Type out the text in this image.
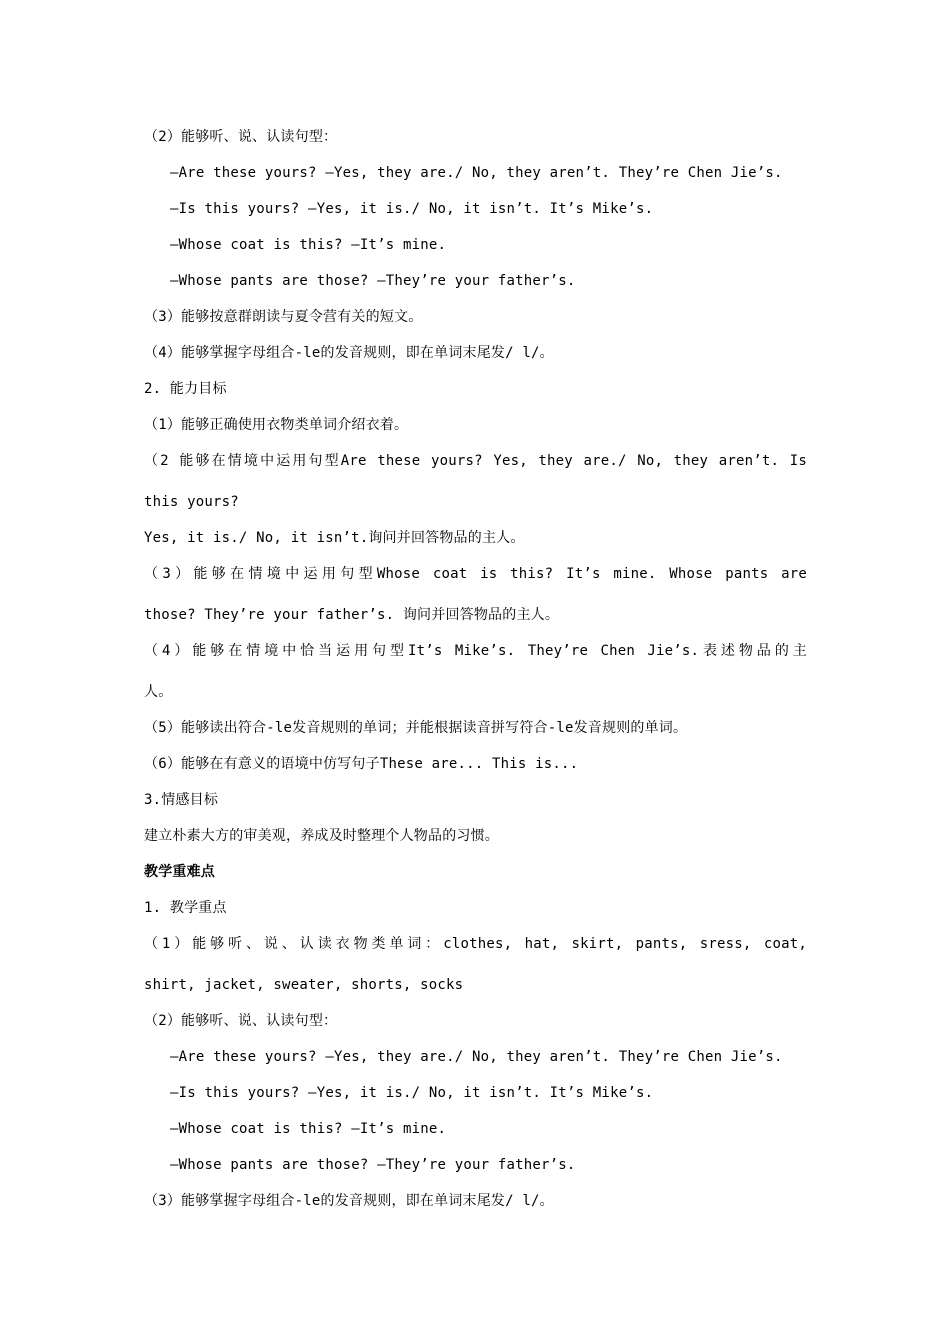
（2）能够听、说、认读句型：
—Are these yours? —Yes, they are./ No, they aren’t. They’re Chen Jie’s.
—Is this yours? —Yes, it is./ No, it isn’t. It’s Mike’s.
—Whose coat is this? —It’s mine.
—Whose pants are those? —They’re your father’s.
（3）能够按意群朗读与夏令营有关的短文。
（4）能够掌握字母组合-le的发音规则，即在单词末尾发/ l/。
2. 能力目标
（1）能够正确使用衣物类单词介绍衣着。
（2 能够在情境中运用句型Are these yours? Yes, they are./ No, they aren’t. Is
this yours?
Yes, it is./ No, it isn’t.询问并回答物品的主人。
（3）能够在情境中运用句型Whose coat is this? It’s mine. Whose pants are
those? They’re your father’s. 询问并回答物品的主人。
（4）能够在情境中恰当运用句型It’s Mike’s. They’re Chen Jie’s.表述物品的主
人。
（5）能够读出符合-le发音规则的单词；并能根据读音拼写符合-le发音规则的单词。
（6）能够在有意义的语境中仿写句子These are... This is...
3.情感目标
建立朴素大方的审美观，养成及时整理个人物品的习惯。
教学重难点
1. 教学重点
（1）能够听、说、认读衣物类单词：clothes, hat, skirt, pants, sress, coat,
shirt, jacket, sweater, shorts, socks
（2）能够听、说、认读句型：
—Are these yours? —Yes, they are./ No, they aren’t. They’re Chen Jie’s.
—Is this yours? —Yes, it is./ No, it isn’t. It’s Mike’s.
—Whose coat is this? —It’s mine.
—Whose pants are those? —They’re your father’s.
（3）能够掌握字母组合-le的发音规则，即在单词末尾发/ l/。
